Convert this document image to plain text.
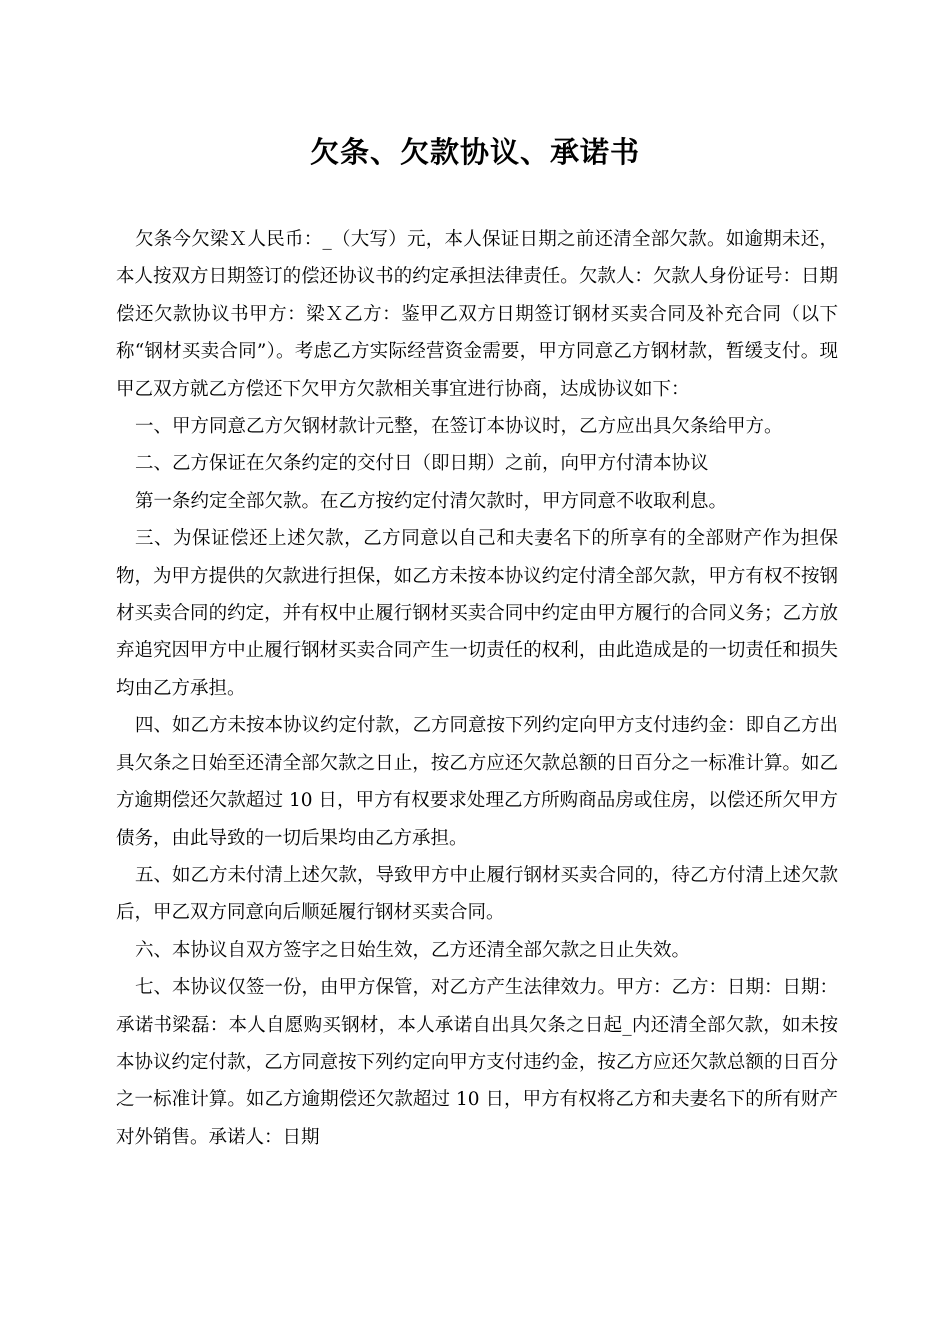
欠条、欠款协议、承诺书

欠条今欠梁Ｘ人民币：_（大写）元，本人保证日期之前还清全部欠款。如逾期未还，本人按双方日期签订的偿还协议书的约定承担法律责任。欠款人：欠款人身份证号：日期偿还欠款协议书甲方：梁Ｘ乙方：鉴甲乙双方日期签订钢材买卖合同及补充合同（以下称“钢材买卖合同”）。考虑乙方实际经营资金需要，甲方同意乙方钢材款，暂缓支付。现甲乙双方就乙方偿还下欠甲方欠款相关事宜进行协商，达成协议如下：

一、甲方同意乙方欠钢材款计元整，在签订本协议时，乙方应出具欠条给甲方。

二、乙方保证在欠条约定的交付日（即日期）之前，向甲方付清本协议

第一条约定全部欠款。在乙方按约定付清欠款时，甲方同意不收取利息。

三、为保证偿还上述欠款，乙方同意以自己和夫妻名下的所享有的全部财产作为担保物，为甲方提供的欠款进行担保，如乙方未按本协议约定付清全部欠款，甲方有权不按钢材买卖合同的约定，并有权中止履行钢材买卖合同中约定由甲方履行的合同义务；乙方放弃追究因甲方中止履行钢材买卖合同产生一切责任的权利，由此造成是的一切责任和损失均由乙方承担。

四、如乙方未按本协议约定付款，乙方同意按下列约定向甲方支付违约金：即自乙方出具欠条之日始至还清全部欠款之日止，按乙方应还欠款总额的日百分之一标准计算。如乙方逾期偿还欠款超过 10 日，甲方有权要求处理乙方所购商品房或住房，以偿还所欠甲方债务，由此导致的一切后果均由乙方承担。

五、如乙方未付清上述欠款，导致甲方中止履行钢材买卖合同的，待乙方付清上述欠款后，甲乙双方同意向后顺延履行钢材买卖合同。

六、本协议自双方签字之日始生效，乙方还清全部欠款之日止失效。

七、本协议仅签一份，由甲方保管，对乙方产生法律效力。甲方：乙方：日期：日期：承诺书梁磊：本人自愿购买钢材，本人承诺自出具欠条之日起_内还清全部欠款，如未按本协议约定付款，乙方同意按下列约定向甲方支付违约金，按乙方应还欠款总额的日百分之一标准计算。如乙方逾期偿还欠款超过 10 日，甲方有权将乙方和夫妻名下的所有财产对外销售。承诺人：日期
